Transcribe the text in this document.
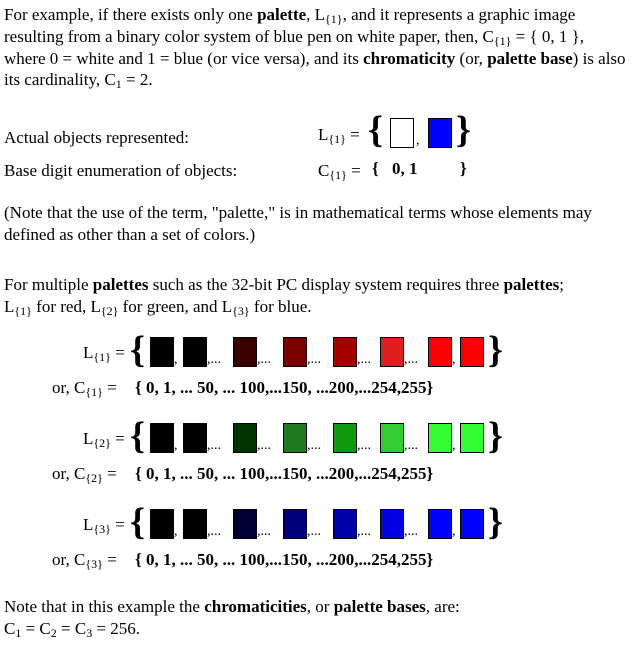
For example, if there exists only one palette, $L_{\{1\}}$, and it represents a graphic image resulting from a binary color system of blue pen on white paper, then, $C_{\{1\}}$ = { 0, 1 }, where 0 = white and 1 = blue (or vice versa), and its chromaticity (or, palette base) is also its cardinality, $C_1 = 2$.
Actual objects represented:	$L_{\{1\}}$ = { , }
Base digit enumeration of objects:	$C_{\{1\}}$ = { 0, 1	}
(Note that the use of the term, "palette," is in mathematical terms whose elements may defined as other than a set of colors.)
For multiple palettes such as the 32-bit PC display system requires three palettes;
$L_{\{1\}}$ for red, $L_{\{2\}}$ for green, and $L_{\{3\}}$ for blue.
$L_{\{1\}}$ = { , ,...	,...	,...	,... ,... , }
or, $C_{\{1\}}$ = { 0, 1, ... 50, ... 100,...150, ...200,...254,255}
$L_{\{2\}}$ = { , ,...	,...	,...	,... ,... , }
or, $C_{\{2\}}$ = { 0, 1, ... 50, ... 100,...150, ...200,...254,255}
$L_{\{3\}}$ = { , ,...	,...	,...	,... ,... , }
or, $C_{\{3\}}$ = { 0, 1, ... 50, ... 100,...150, ...200,...254,255}
Note that in this example the chromaticities, or palette bases, are:
$C_1 = C_2 = C_3 = 256$.
